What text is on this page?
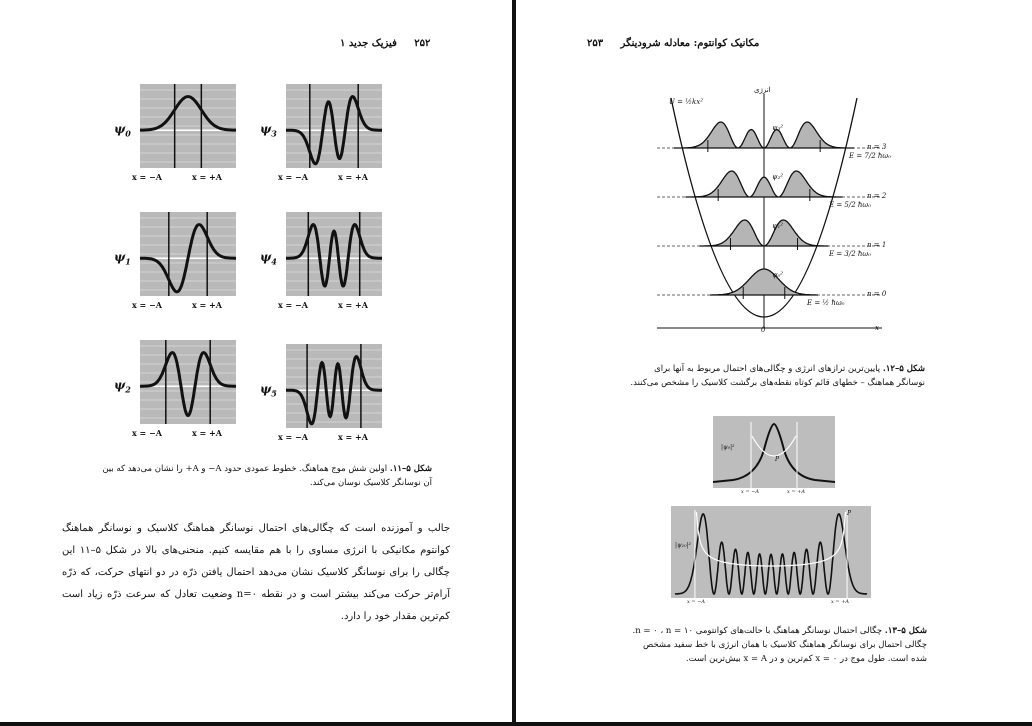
۲۵۲     فیزیک جدید ۱
$\psi_0$
x = −A	x = +A
$\psi_3$
x = −A	x = +A
$\psi_1$
x = −A	x = +A
$\psi_4$
x = −A	x = +A
$\psi_2$
x = −A	x = +A
$\psi_5$
x = −A	x = +A
شکل ۵–۱۱. اولین شش موج هماهنگ. خطوط عمودی حدود A− و A+ را نشان می‌دهد که بین آن نوسانگر کلاسیک نوسان می‌کند.
جالب و آموزنده است که چگالی‌های احتمال نوسانگر هماهنگ کلاسیک و نوسانگر هماهنگ کوانتوم مکانیکی با انرژی مساوی را با هم مقایسه کنیم. منحنی‌های بالا در شکل ۵–۱۱ این چگالی را برای نوسانگر کلاسیک نشان می‌دهد احتمال یافتن ذرّه در دو انتهای حرکت، که ذرّه آرام‌تر حرکت می‌کند بیشتر است و در نقطه n=۰ وضعیت تعادل که سرعت ذرّه زیاد است کم‌ترین مقدار خود را دارد.
مکانیک کوانتوم: معادله شرودینگر     ۲۵۳
انرژی
U = ½kx²
0	x
n = 3
E = 7/2 ħω₀
ψ₃²
n = 2
E = 5/2 ħω₀
ψ₂²
n = 1
E = 3/2 ħω₀
ψ₁²
n = 0
E = ½ ħω₀
ψ₀²
شکل ۵–۱۲. پایین‌ترین ترازهای انرژی و چگالی‌های احتمال مربوط به آنها برای نوسانگر هماهنگ – خطهای قائم کوتاه نقطه‌های برگشت کلاسیک را مشخص می‌کنند.
|ψ₀|²
P
x = −A	x = +A
|ψ₁₀|²
P
x = −A	x = +A
شکل ۵–۱۳. چگالی احتمال نوسانگر هماهنگ با حالت‌های کوانتومی n = ۰ ، n = ۱۰. چگالی احتمال برای نوسانگر هماهنگ کلاسیک با همان انرژی با خط سفید مشخص شده است. طول موج در x = ۰ کم‌ترین و در x = A بیش‌ترین است.
